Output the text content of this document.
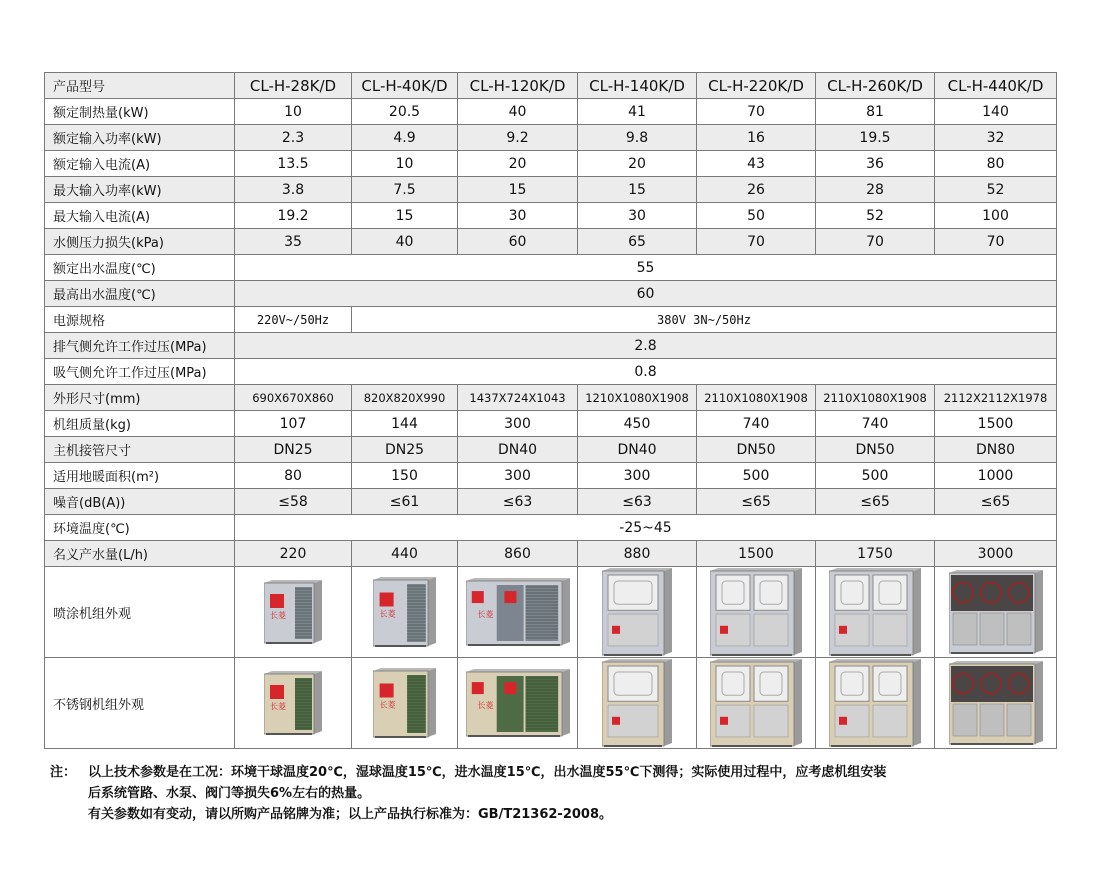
产品型号	CL-H-28K/D	CL-H-40K/D	CL-H-120K/D	CL-H-140K/D	CL-H-220K/D	CL-H-260K/D	CL-H-440K/D
额定制热量(kW)	10	20.5	40	41	70	81	140
额定输入功率(kW)	2.3	4.9	9.2	9.8	16	19.5	32
额定输入电流(A)	13.5	10	20	20	43	36	80
最大输入功率(kW)	3.8	7.5	15	15	26	28	52
最大输入电流(A)	19.2	15	30	30	50	52	100
水侧压力损失(kPa)	35	40	60	65	70	70	70
额定出水温度(℃)	55						
最高出水温度(℃)	60						
电源规格	220V~/50Hz	380V 3N~/50Hz					
排气侧允许工作过压(MPa)	2.8						
吸气侧允许工作过压(MPa)	0.8						
外形尺寸(mm)	690X670X860	820X820X990	1437X724X1043	1210X1080X1908	2110X1080X1908	2110X1080X1908	2112X2112X1978
机组质量(kg)	107	144	300	450	740	740	1500
主机接管尺寸	DN25	DN25	DN40	DN40	DN50	DN50	DN80
适用地暖面积(m²)	80	150	300	300	500	500	1000
噪音(dB(A))	≤58	≤61	≤63	≤63	≤65	≤65	≤65
环境温度(℃)	-25~45						
名义产水量(L/h)	220	440	860	880	1500	1750	3000
喷涂机组外观	长菱	长菱	长菱

不锈钢机组外观	长菱	长菱	长菱

注： 以上技术参数是在工况：环境干球温度20℃，湿球温度15℃，进水温度15℃，出水温度55℃下测得；实际使用过程中，应考虑机组安装
后系统管路、水泵、阀门等损失6%左右的热量。
有关参数如有变动，请以所购产品铭牌为准；以上产品执行标准为：GB/T21362-2008。
